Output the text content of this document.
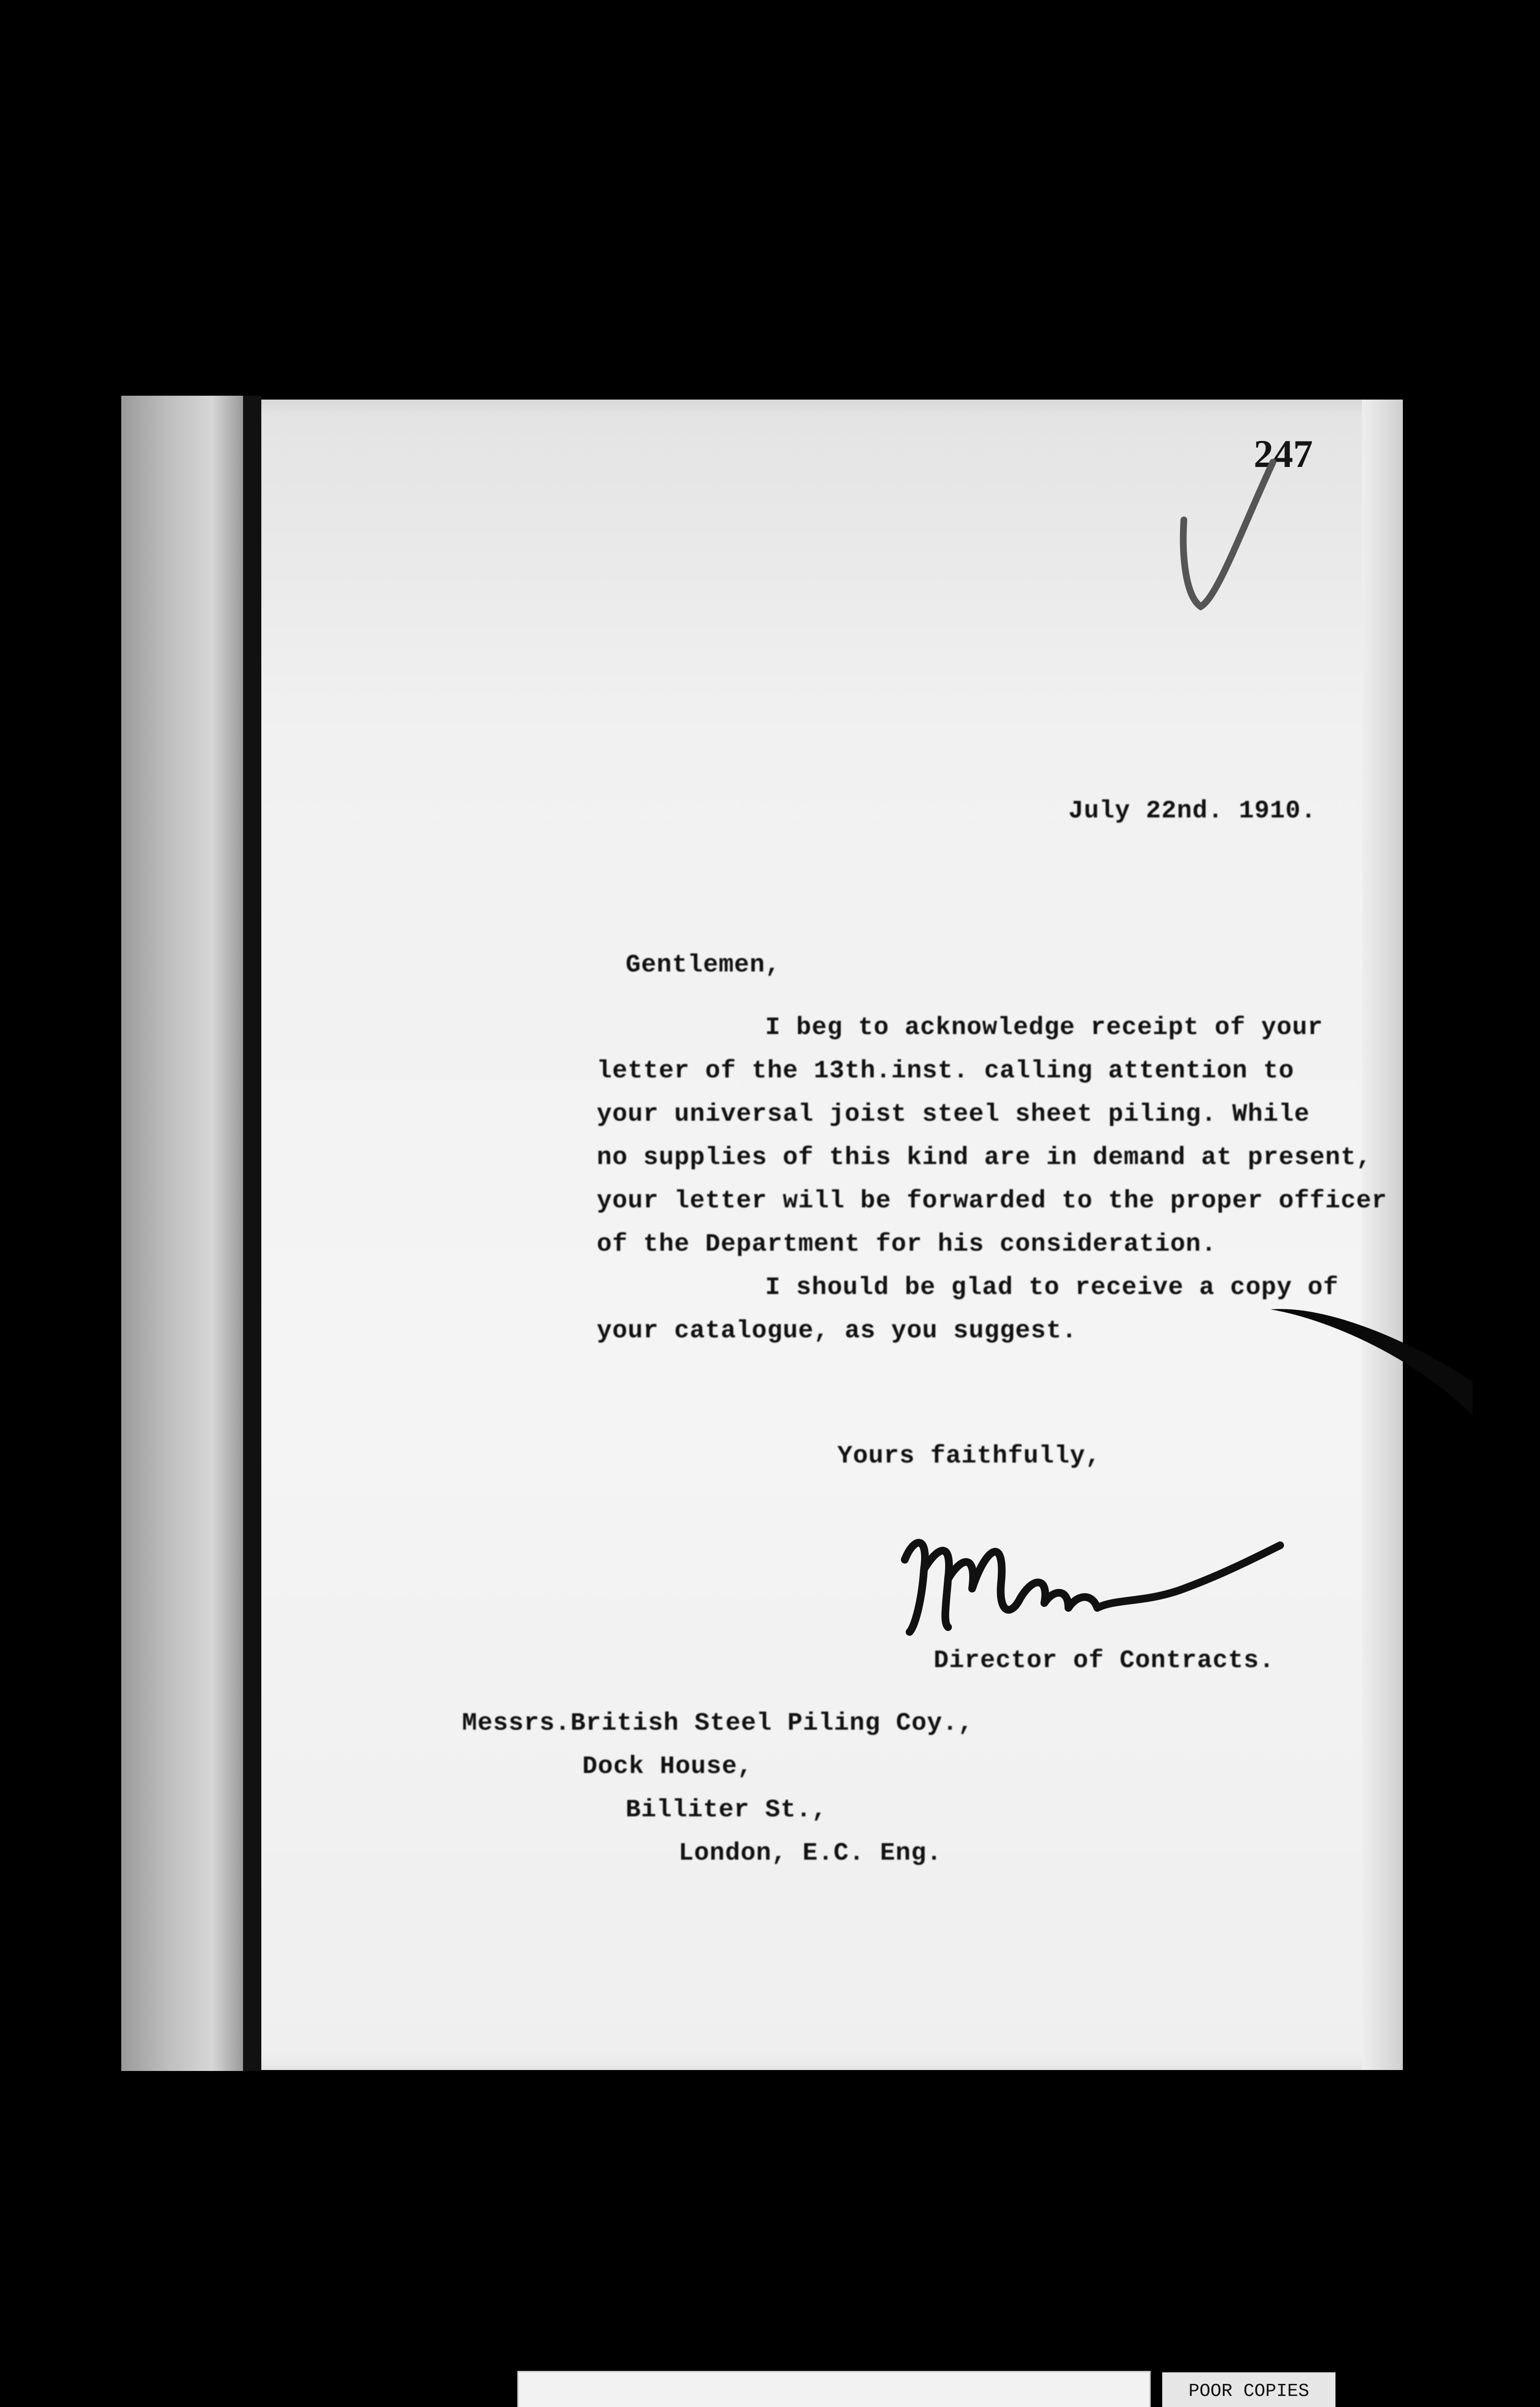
247
July 22nd. 1910.
Gentlemen,
I beg to acknowledge receipt of your
letter of the 13th.inst. calling attention to
your universal joist steel sheet piling. While
no supplies of this kind are in demand at present,
your letter will be forwarded to the proper officer
of the Department for his consideration.
I should be glad to receive a copy of
your catalogue, as you suggest.
Yours faithfully,
Director of Contracts.
Messrs.British Steel Piling Coy.,
Dock House,
Billiter St.,
London, E.C. Eng.
POOR COPIES
